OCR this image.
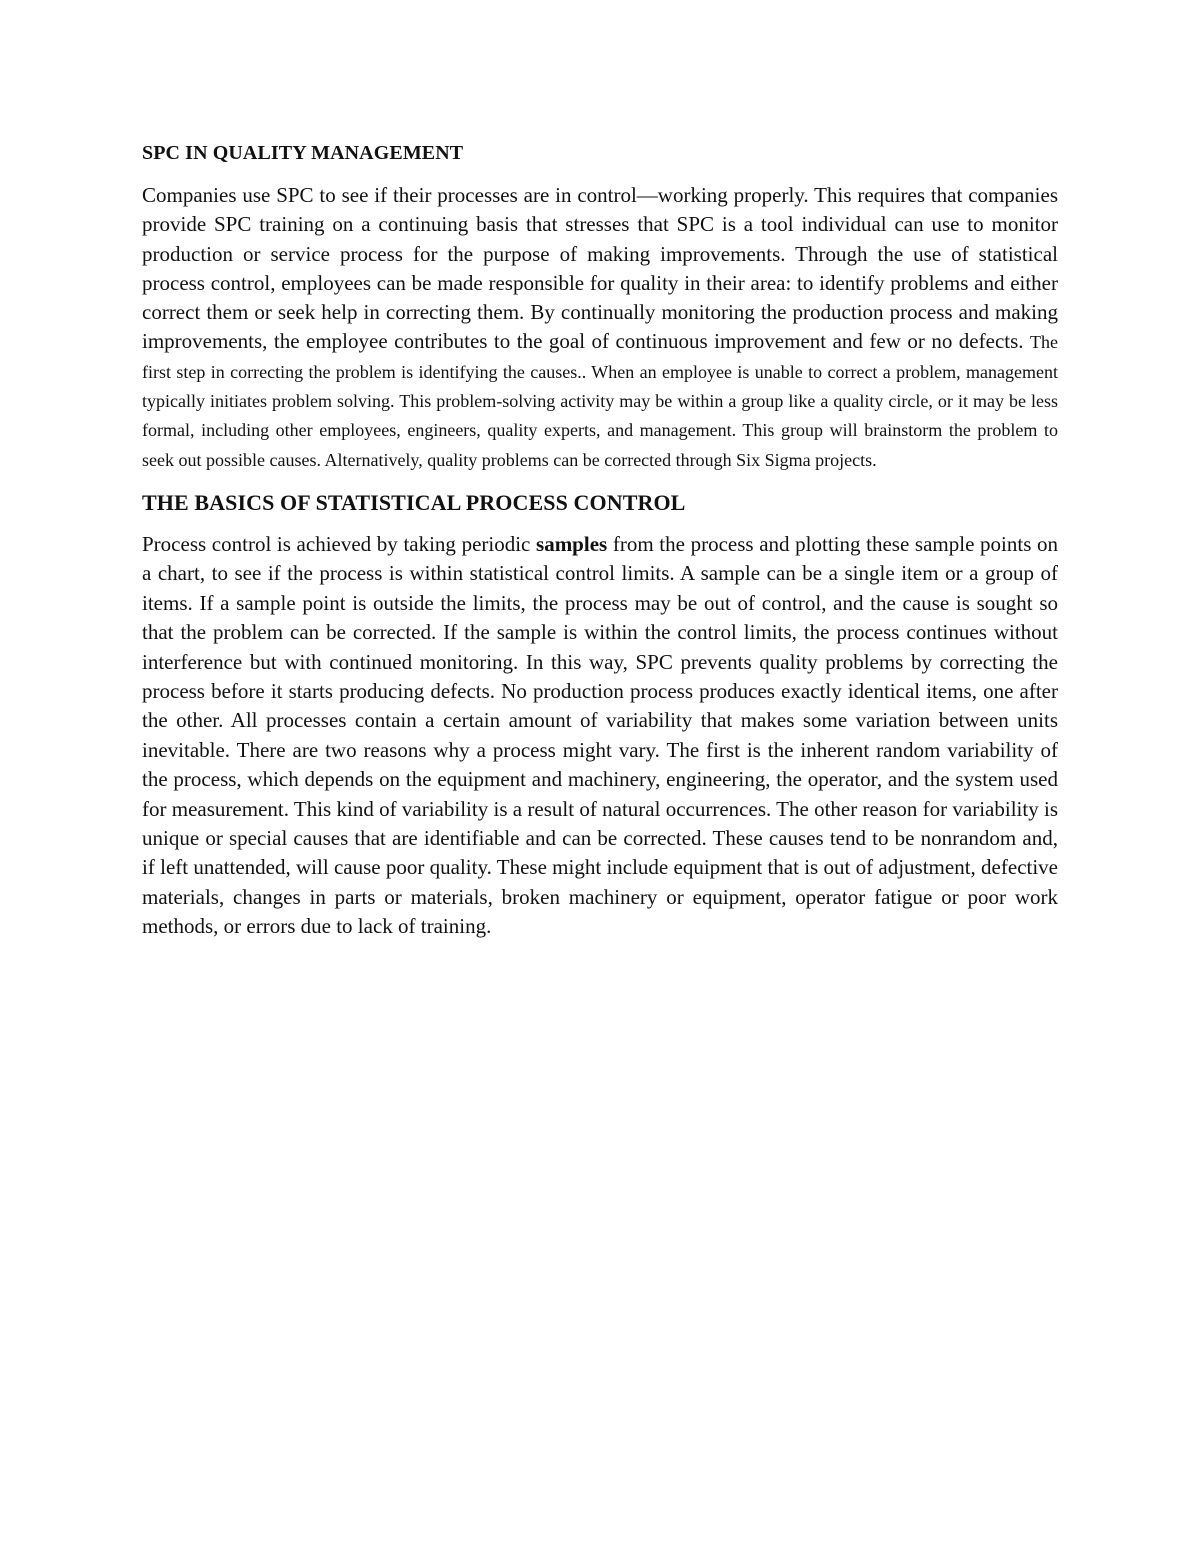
SPC IN QUALITY MANAGEMENT

Companies use SPC to see if their processes are in control—working properly. This requires that companies provide SPC training on a continuing basis that stresses that SPC is a tool individual can use to monitor production or service process for the purpose of making improvements. Through the use of statistical process control, employees can be made responsible for quality in their area: to identify problems and either correct them or seek help in correcting them. By continually monitoring the production process and making improvements, the employee contributes to the goal of continuous improvement and few or no defects. The first step in correcting the problem is identifying the causes.. When an employee is unable to correct a problem, management typically initiates problem solving. This problem-solving activity may be within a group like a quality circle, or it may be less formal, including other employees, engineers, quality experts, and management. This group will brainstorm the problem to seek out possible causes. Alternatively, quality problems can be corrected through Six Sigma projects.

THE BASICS OF STATISTICAL PROCESS CONTROL

Process control is achieved by taking periodic samples from the process and plotting these sample points on a chart, to see if the process is within statistical control limits. A sample can be a single item or a group of items. If a sample point is outside the limits, the process may be out of control, and the cause is sought so that the problem can be corrected. If the sample is within the control limits, the process continues without interference but with continued monitoring. In this way, SPC prevents quality problems by correcting the process before it starts producing defects. No production process produces exactly identical items, one after the other. All processes contain a certain amount of variability that makes some variation between units inevitable. There are two reasons why a process might vary. The first is the inherent random variability of the process, which depends on the equipment and machinery, engineering, the operator, and the system used for measurement. This kind of variability is a result of natural occurrences. The other reason for variability is unique or special causes that are identifiable and can be corrected. These causes tend to be nonrandom and, if left unattended, will cause poor quality. These might include equipment that is out of adjustment, defective materials, changes in parts or materials, broken machinery or equipment, operator fatigue or poor work methods, or errors due to lack of training.
